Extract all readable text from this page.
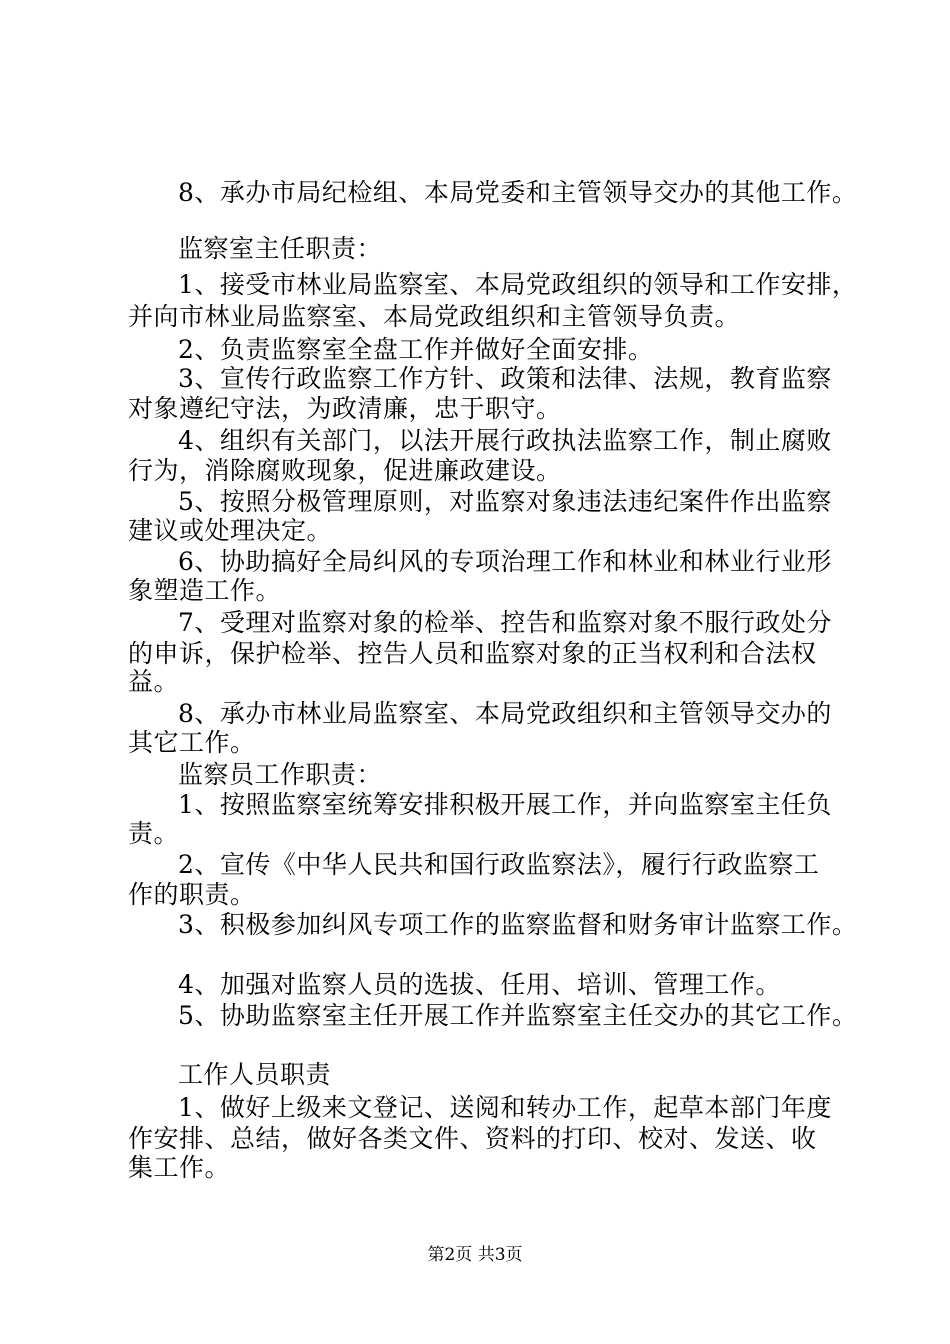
8、承办市局纪检组、本局党委和主管领导交办的其他工作。
监察室主任职责：
1、接受市林业局监察室、本局党政组织的领导和工作安排，
并向市林业局监察室、本局党政组织和主管领导负责。
2、负责监察室全盘工作并做好全面安排。
3、宣传行政监察工作方针、政策和法律、法规，教育监察
对象遵纪守法，为政清廉，忠于职守。
4、组织有关部门，以法开展行政执法监察工作，制止腐败
行为，消除腐败现象，促进廉政建设。
5、按照分极管理原则，对监察对象违法违纪案件作出监察
建议或处理决定。
6、协助搞好全局纠风的专项治理工作和林业和林业行业形
象塑造工作。
7、受理对监察对象的检举、控告和监察对象不服行政处分
的申诉，保护检举、控告人员和监察对象的正当权利和合法权
益。
8、承办市林业局监察室、本局党政组织和主管领导交办的
其它工作。
监察员工作职责：
1、按照监察室统筹安排积极开展工作，并向监察室主任负
责。
2、宣传《中华人民共和国行政监察法》，履行行政监察工
作的职责。
3、积极参加纠风专项工作的监察监督和财务审计监察工作。
4、加强对监察人员的选拔、任用、培训、管理工作。
5、协助监察室主任开展工作并监察室主任交办的其它工作。
工作人员职责
1、做好上级来文登记、送阅和转办工作，起草本部门年度
作安排、总结，做好各类文件、资料的打印、校对、发送、收
集工作。
第2页 共3页
